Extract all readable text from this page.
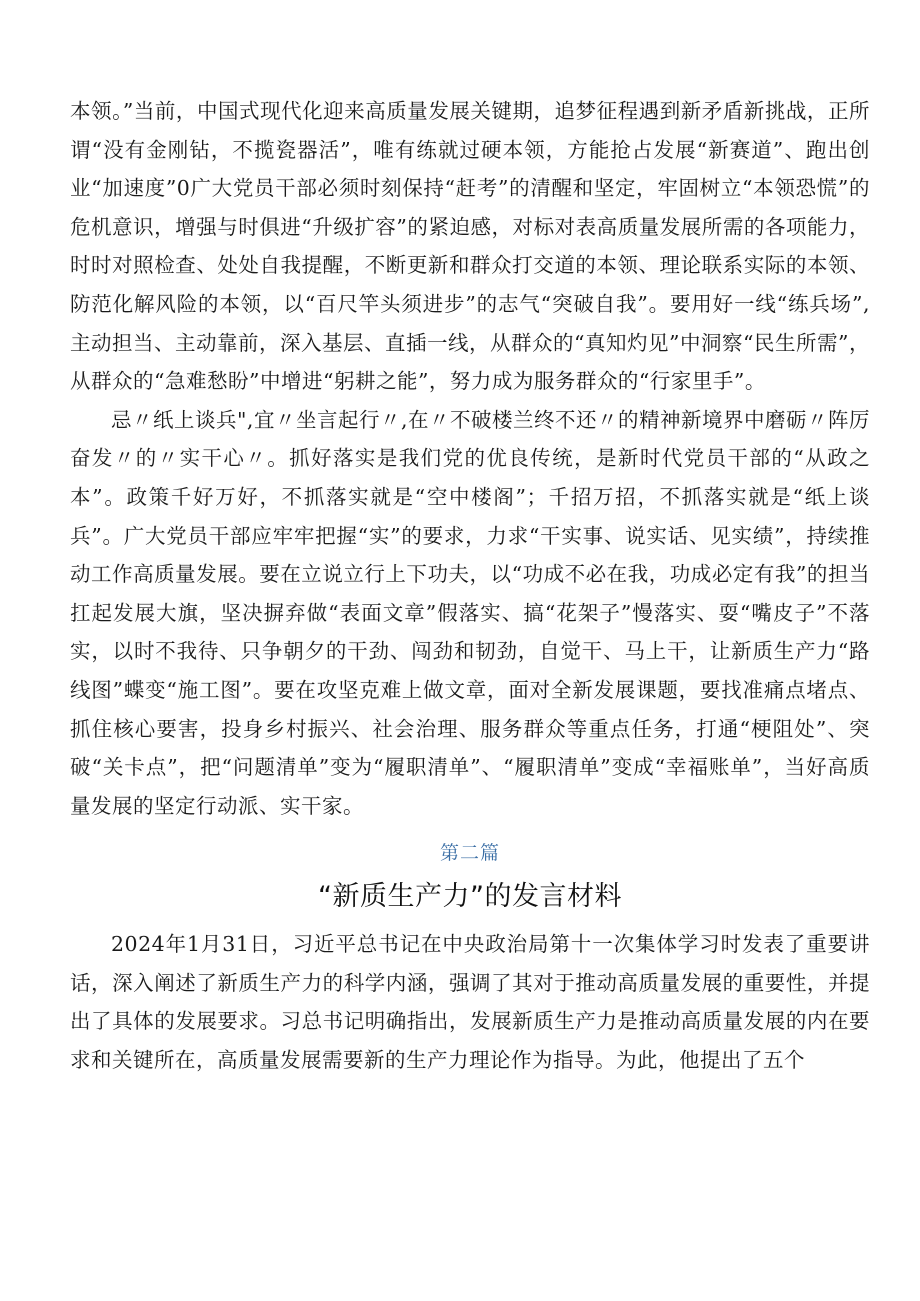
本领。”当前，中国式现代化迎来高质量发展关键期，追梦征程遇到新矛盾新挑战，正所谓“没有金刚钻，不揽瓷器活”，唯有练就过硬本领，方能抢占发展“新赛道”、跑出创业“加速度”0广大党员干部必须时刻保持“赶考”的清醒和坚定，牢固树立“本领恐慌”的危机意识，增强与时俱进“升级扩容”的紧迫感，对标对表高质量发展所需的各项能力，时时对照检查、处处自我提醒，不断更新和群众打交道的本领、理论联系实际的本领、防范化解风险的本领，以“百尺竿头须进步”的志气“突破自我”。要用好一线“练兵场”,主动担当、主动靠前，深入基层、直插一线，从群众的“真知灼见”中洞察“民生所需”，从群众的“急难愁盼”中增进“躬耕之能”，努力成为服务群众的“行家里手”。

忌〃纸上谈兵",宜〃坐言起行〃,在〃不破楼兰终不还〃的精神新境界中磨砺〃阵厉奋发〃的〃实干心〃。抓好落实是我们党的优良传统，是新时代党员干部的“从政之本”。政策千好万好，不抓落实就是“空中楼阁”；千招万招，不抓落实就是“纸上谈兵”。广大党员干部应牢牢把握“实”的要求，力求“干实事、说实话、见实绩”，持续推动工作高质量发展。要在立说立行上下功夫，以“功成不必在我，功成必定有我”的担当扛起发展大旗，坚决摒弃做“表面文章”假落实、搞“花架子”慢落实、耍“嘴皮子”不落实，以时不我待、只争朝夕的干劲、闯劲和韧劲，自觉干、马上干，让新质生产力“路线图”蝶变“施工图”。要在攻坚克难上做文章，面对全新发展课题，要找准痛点堵点、抓住核心要害，投身乡村振兴、社会治理、服务群众等重点任务，打通“梗阻处”、突破“关卡点”，把“问题清单”变为“履职清单”、“履职清单”变成“幸福账单”，当好高质量发展的坚定行动派、实干家。

第二篇
“新质生产力”的发言材料

2024年1月31日，习近平总书记在中央政治局第十一次集体学习时发表了重要讲话，深入阐述了新质生产力的科学内涵，强调了其对于推动高质量发展的重要性，并提出了具体的发展要求。习总书记明确指出，发展新质生产力是推动高质量发展的内在要求和关键所在，高质量发展需要新的生产力理论作为指导。为此，他提出了五个
